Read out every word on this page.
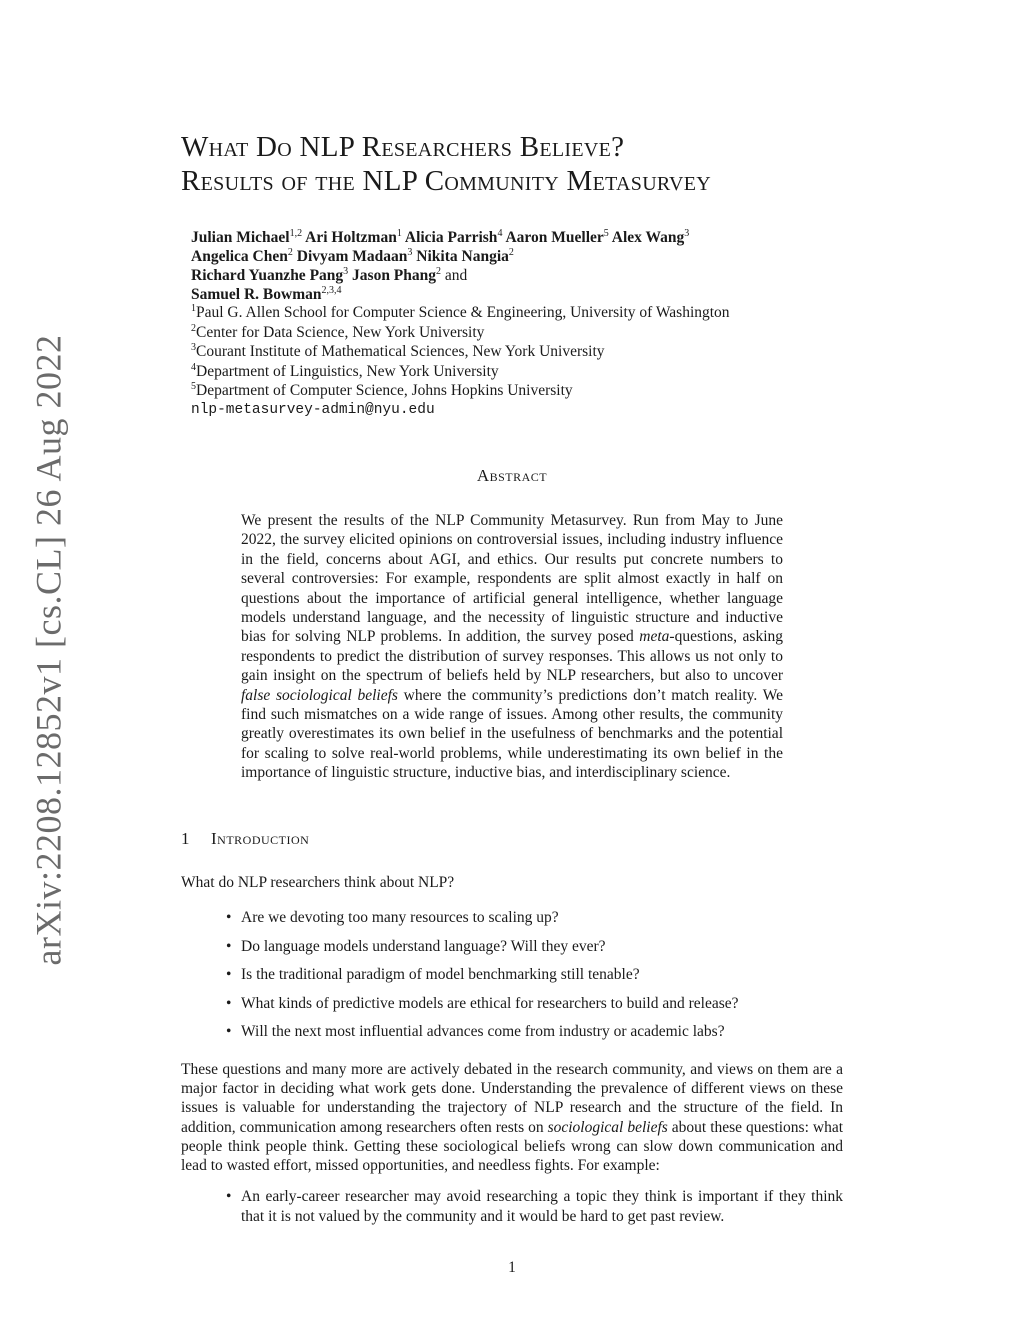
arXiv:2208.12852v1 [cs.CL] 26 Aug 2022
What Do NLP Researchers Believe?
Results of the NLP Community Metasurvey
Julian Michael$^{1,2}$ Ari Holtzman$^1$ Alicia Parrish$^4$ Aaron Mueller$^5$ Alex Wang$^3$
Angelica Chen$^2$ Divyam Madaan$^3$ Nikita Nangia$^2$
Richard Yuanzhe Pang$^3$ Jason Phang$^2$ and
Samuel R. Bowman$^{2,3,4}$
$^1$Paul G. Allen School for Computer Science & Engineering, University of Washington
$^2$Center for Data Science, New York University
$^3$Courant Institute of Mathematical Sciences, New York University
$^4$Department of Linguistics, New York University
$^5$Department of Computer Science, Johns Hopkins University
nlp-metasurvey-admin@nyu.edu
Abstract
We present the results of the NLP Community Metasurvey. Run from May to June 2022, the survey elicited opinions on controversial issues, including industry influence in the field, concerns about AGI, and ethics. Our results put concrete numbers to several controversies: For example, respondents are split almost exactly in half on questions about the importance of artificial general intelligence, whether language models understand language, and the necessity of linguistic structure and inductive bias for solving NLP problems. In addition, the survey posed meta-questions, asking respondents to predict the distribution of survey responses. This allows us not only to gain insight on the spectrum of beliefs held by NLP researchers, but also to uncover false sociological beliefs where the community’s predictions don’t match reality. We find such mismatches on a wide range of issues. Among other results, the community greatly overestimates its own belief in the usefulness of benchmarks and the potential for scaling to solve real-world problems, while underestimating its own belief in the importance of linguistic structure, inductive bias, and interdisciplinary science.
1 Introduction
What do NLP researchers think about NLP?
• Are we devoting too many resources to scaling up?
• Do language models understand language? Will they ever?
• Is the traditional paradigm of model benchmarking still tenable?
• What kinds of predictive models are ethical for researchers to build and release?
• Will the next most influential advances come from industry or academic labs?
These questions and many more are actively debated in the research community, and views on them are a major factor in deciding what work gets done. Understanding the prevalence of different views on these issues is valuable for understanding the trajectory of NLP research and the structure of the field. In addition, communication among researchers often rests on sociological beliefs about these questions: what people think people think. Getting these sociological beliefs wrong can slow down communication and lead to wasted effort, missed opportunities, and needless fights. For example:
• An early-career researcher may avoid researching a topic they think is important if they think that it is not valued by the community and it would be hard to get past review.
1
